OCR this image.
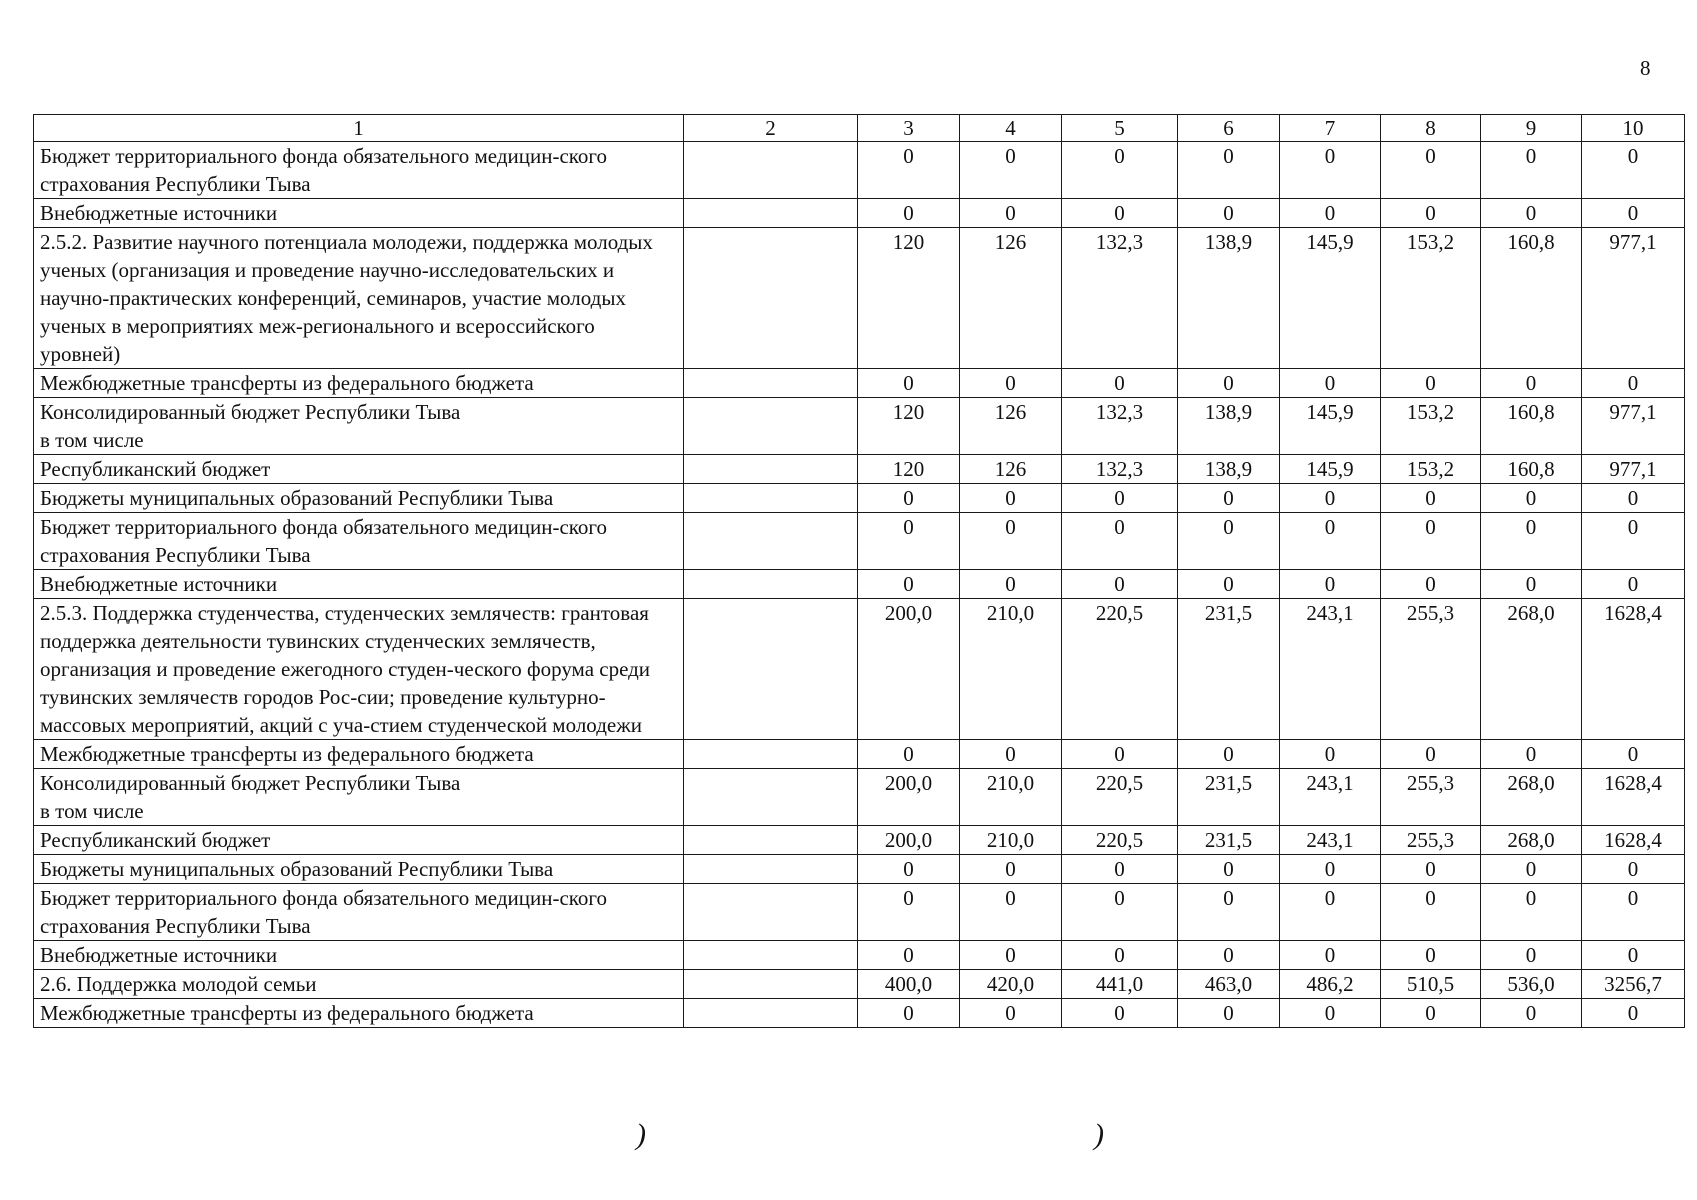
8
1	2	3	4	5	6	7	8	9	10

Бюджет территориального фонда обязательного медицин-ского страхования Республики Тыва		0	0	0	0	0	0	0	0

Внебюджетные источники		0	0	0	0	0	0	0	0

2.5.2. Развитие научного потенциала молодежи, поддержка молодых ученых (организация и проведение научно-исследовательских и научно-практических конференций, семинаров, участие молодых ученых в мероприятиях меж-регионального и всероссийского уровней)		120	126	132,3	138,9	145,9	153,2	160,8	977,1

Межбюджетные трансферты из федерального бюджета		0	0	0	0	0	0	0	0

Консолидированный бюджет Республики Тыва
в том числе		120	126	132,3	138,9	145,9	153,2	160,8	977,1

Республиканский бюджет		120	126	132,3	138,9	145,9	153,2	160,8	977,1

Бюджеты муниципальных образований Республики Тыва		0	0	0	0	0	0	0	0

Бюджет территориального фонда обязательного медицин-ского страхования Республики Тыва		0	0	0	0	0	0	0	0

Внебюджетные источники		0	0	0	0	0	0	0	0

2.5.3. Поддержка студенчества, студенческих землячеств: грантовая поддержка деятельности тувинских студенческих землячеств, организация и проведение ежегодного студен-ческого форума среди тувинских землячеств городов Рос-сии; проведение культурно-массовых мероприятий, акций с уча-стием студенческой молодежи		200,0	210,0	220,5	231,5	243,1	255,3	268,0	1628,4

Межбюджетные трансферты из федерального бюджета		0	0	0	0	0	0	0	0

Консолидированный бюджет Республики Тыва
в том числе		200,0	210,0	220,5	231,5	243,1	255,3	268,0	1628,4

Республиканский бюджет		200,0	210,0	220,5	231,5	243,1	255,3	268,0	1628,4

Бюджеты муниципальных образований Республики Тыва		0	0	0	0	0	0	0	0

Бюджет территориального фонда обязательного медицин-ского страхования Республики Тыва		0	0	0	0	0	0	0	0

Внебюджетные источники		0	0	0	0	0	0	0	0

2.6. Поддержка молодой семьи		400,0	420,0	441,0	463,0	486,2	510,5	536,0	3256,7

Межбюджетные трансферты из федерального бюджета		0	0	0	0	0	0	0	0
)	)
